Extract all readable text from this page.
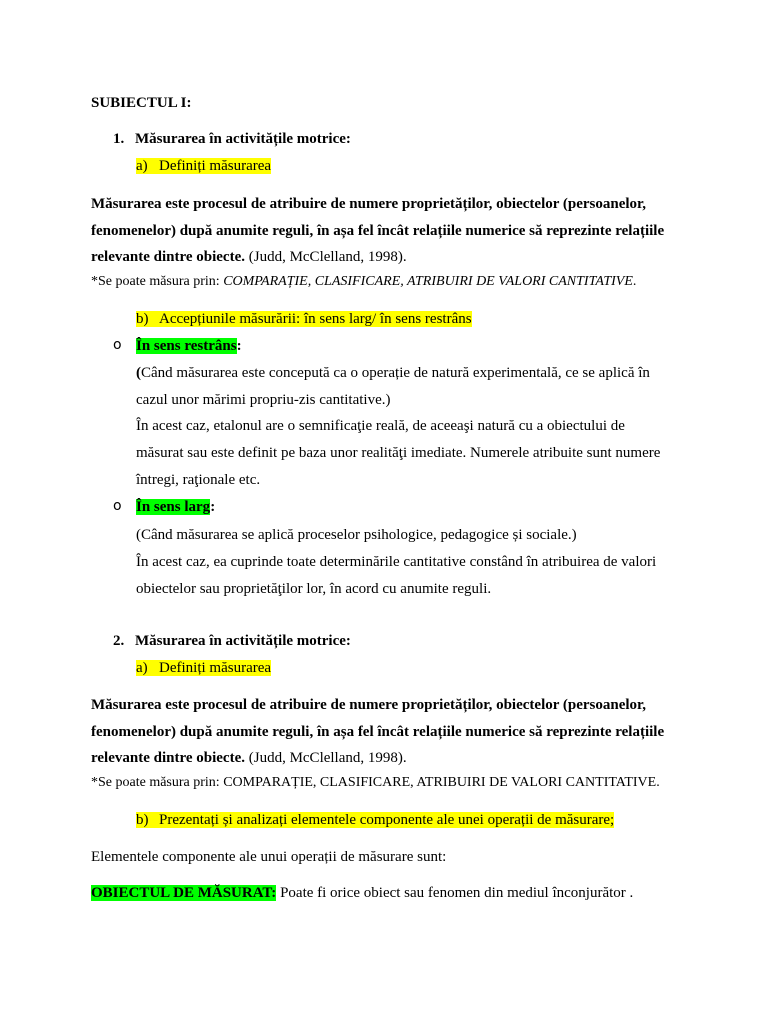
SUBIECTUL I:
1. Măsurarea în activitățile motrice:
a) Definiți măsurarea
Măsurarea este procesul de atribuire de numere proprietăților, obiectelor (persoanelor,
fenomenelor) după anumite reguli, în așa fel încât relațiile numerice să reprezinte relațiile
relevante dintre obiecte. (Judd, McClelland, 1998).
*Se poate măsura prin: COMPARAȚIE, CLASIFICARE, ATRIBUIRI DE VALORI CANTITATIVE.
b) Accepțiunile măsurării: în sens larg/ în sens restrâns
o În sens restrâns:
(Când măsurarea este concepută ca o operație de natură experimentală, ce se aplică în
cazul unor mărimi propriu-zis cantitative.)
În acest caz, etalonul are o semnificaţie reală, de aceeaşi natură cu a obiectului de
măsurat sau este definit pe baza unor realităţi imediate. Numerele atribuite sunt numere
întregi, raţionale etc.
o În sens larg:
(Când măsurarea se aplică proceselor psihologice, pedagogice și sociale.)
În acest caz, ea cuprinde toate determinările cantitative constând în atribuirea de valori
obiectelor sau proprietăţilor lor, în acord cu anumite reguli.
2. Măsurarea în activitățile motrice:
a) Definiți măsurarea
Măsurarea este procesul de atribuire de numere proprietăților, obiectelor (persoanelor,
fenomenelor) după anumite reguli, în așa fel încât relațiile numerice să reprezinte relațiile
relevante dintre obiecte. (Judd, McClelland, 1998).
*Se poate măsura prin: COMPARAȚIE, CLASIFICARE, ATRIBUIRI DE VALORI CANTITATIVE.
b) Prezentați și analizați elementele componente ale unei operații de măsurare;
Elementele componente ale unui operații de măsurare sunt:
OBIECTUL DE MĂSURAT: Poate fi orice obiect sau fenomen din mediul înconjurător .
